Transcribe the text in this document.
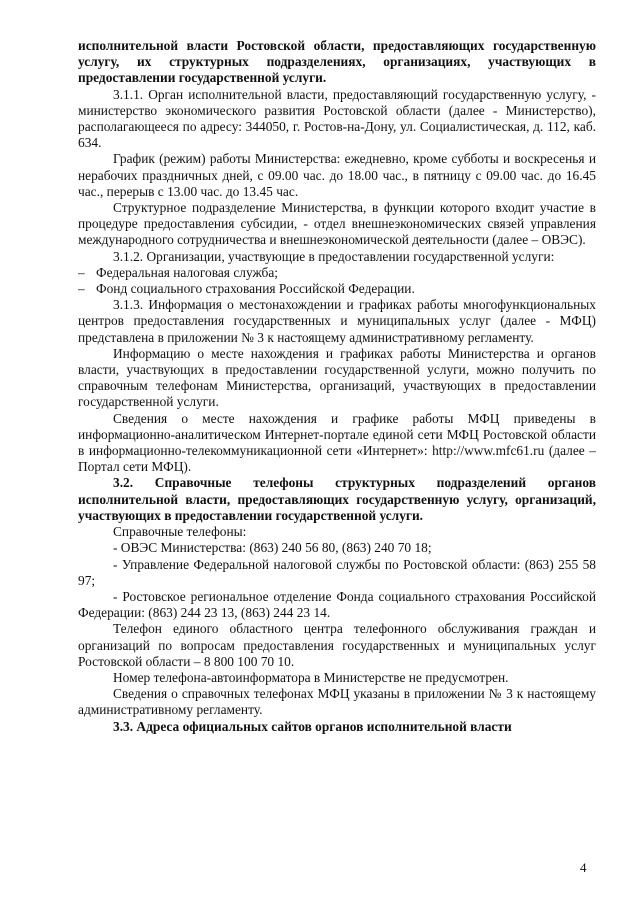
исполнительной власти Ростовской области, предоставляющих государственную услугу, их структурных подразделениях, организациях, участвующих в предоставлении государственной услуги.

3.1.1. Орган исполнительной власти, предоставляющий государственную услугу, - министерство экономического развития Ростовской области (далее - Министерство), располагающееся по адресу: 344050, г. Ростов-на-Дону, ул. Социалистическая, д. 112, каб. 634.

График (режим) работы Министерства: ежедневно, кроме субботы и воскресенья и нерабочих праздничных дней, с 09.00 час. до 18.00 час., в пятницу с 09.00 час. до 16.45 час., перерыв с 13.00 час. до 13.45 час.

Структурное подразделение Министерства, в функции которого входит участие в процедуре предоставления субсидии, - отдел внешнеэкономических связей управления международного сотрудничества и внешнеэкономической деятельности (далее – ОВЭС).

3.1.2. Организации, участвующие в предоставлении государственной услуги:

– Федеральная налоговая служба;

– Фонд социального страхования Российской Федерации.

3.1.3. Информация о местонахождении и графиках работы многофункциональных центров предоставления государственных и муниципальных услуг (далее - МФЦ) представлена в приложении № 3 к настоящему административному регламенту.

Информацию о месте нахождения и графиках работы Министерства и органов власти, участвующих в предоставлении государственной услуги, можно получить по справочным телефонам Министерства, организаций, участвующих в предоставлении государственной услуги.

Сведения о месте нахождения и графике работы МФЦ приведены в информационно-аналитическом Интернет-портале единой сети МФЦ Ростовской области в информационно-телекоммуникационной сети «Интернет»: http://www.mfc61.ru (далее – Портал сети МФЦ).

3.2. Справочные телефоны структурных подразделений органов исполнительной власти, предоставляющих государственную услугу, организаций, участвующих в предоставлении государственной услуги.

Справочные телефоны:

- ОВЭС Министерства: (863) 240 56 80, (863) 240 70 18;

- Управление Федеральной налоговой службы по Ростовской области: (863) 255 58 97;

- Ростовское региональное отделение Фонда социального страхования Российской Федерации: (863) 244 23 13, (863) 244 23 14.

Телефон единого областного центра телефонного обслуживания граждан и организаций по вопросам предоставления государственных и муниципальных услуг Ростовской области – 8 800 100 70 10.

Номер телефона-автоинформатора в Министерстве не предусмотрен.

Сведения о справочных телефонах МФЦ указаны в приложении № 3 к настоящему административному регламенту.

3.3. Адреса официальных сайтов органов исполнительной власти

4
